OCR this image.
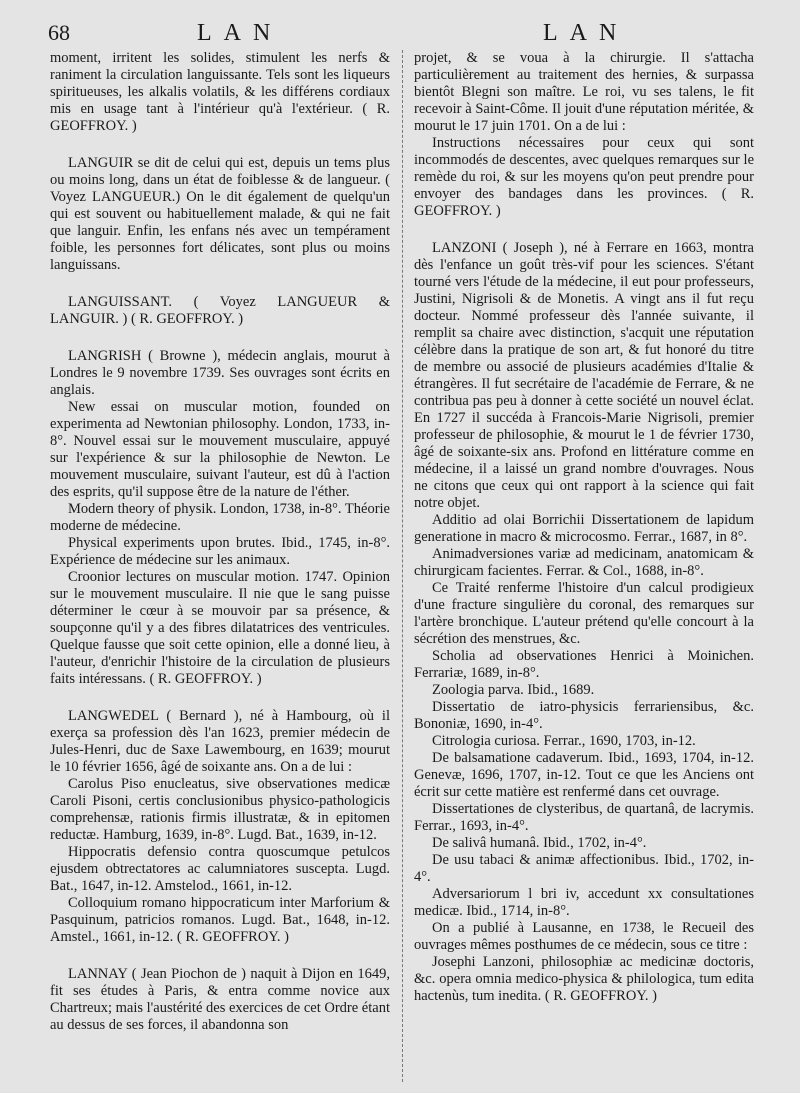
68	LAN	LAN

moment, irritent les solides, stimulent les nerfs & raniment la circulation languissante. Tels sont les liqueurs spiritueuses, les alkalis volatils, & les différens cordiaux mis en usage tant à l'intérieur qu'à l'extérieur. ( R. GEOFFROY. )

LANGUIR se dit de celui qui est, depuis un tems plus ou moins long, dans un état de foiblesse & de langueur. ( Voyez LANGUEUR.) On le dit également de quelqu'un qui est souvent ou habituellement malade, & qui ne fait que languir. Enfin, les enfans nés avec un tempérament foible, les personnes fort délicates, sont plus ou moins languissans.

LANGUISSANT. ( Voyez LANGUEUR & LANGUIR. ) ( R. GEOFFROY. )

LANGRISH ( Browne ), médecin anglais, mourut à Londres le 9 novembre 1739. Ses ouvrages sont écrits en anglais.

New essai on muscular motion, founded on experimenta ad Newtonian philosophy. London, 1733, in-8°. Nouvel essai sur le mouvement musculaire, appuyé sur l'expérience & sur la philosophie de Newton. Le mouvement musculaire, suivant l'auteur, est dû à l'action des esprits, qu'il suppose être de la nature de l'éther.

Modern theory of physik. London, 1738, in-8°. Théorie moderne de médecine.

Physical experiments upon brutes. Ibid., 1745, in-8°. Expérience de médecine sur les animaux.

Croonior lectures on muscular motion. 1747. Opinion sur le mouvement musculaire. Il nie que le sang puisse déterminer le cœur à se mouvoir par sa présence, & soupçonne qu'il y a des fibres dilatatrices des ventricules. Quelque fausse que soit cette opinion, elle a donné lieu, à l'auteur, d'enrichir l'histoire de la circulation de plusieurs faits intéressans. ( R. GEOFFROY. )

LANGWEDEL ( Bernard ), né à Hambourg, où il exerça sa profession dès l'an 1623, premier médecin de Jules-Henri, duc de Saxe Lawembourg, en 1639; mourut le 10 février 1656, âgé de soixante ans. On a de lui :

Carolus Piso enucleatus, sive observationes medicæ Caroli Pisoni, certis conclusionibus physico-pathologicis comprehensæ, rationis firmis illustratæ, & in epitomen reductæ. Hamburg, 1639, in-8°. Lugd. Bat., 1639, in-12.

Hippocratis defensio contra quoscumque petulcos ejusdem obtrectatores ac calumniatores suscepta. Lugd. Bat., 1647, in-12. Amstelod., 1661, in-12.

Colloquium romano hippocraticum inter Marforium & Pasquinum, patricios romanos. Lugd. Bat., 1648, in-12. Amstel., 1661, in-12. ( R. GEOFFROY. )

LANNAY ( Jean Piochon de ) naquit à Dijon en 1649, fit ses études à Paris, & entra comme novice aux Chartreux; mais l'austérité des exercices de cet Ordre étant au dessus de ses forces, il abandonna son

projet, & se voua à la chirurgie. Il s'attacha particulièrement au traitement des hernies, & surpassa bientôt Blegni son maître. Le roi, vu ses talens, le fit recevoir à Saint-Côme. Il jouit d'une réputation méritée, & mourut le 17 juin 1701. On a de lui :

Instructions nécessaires pour ceux qui sont incommodés de descentes, avec quelques remarques sur le remède du roi, & sur les moyens qu'on peut prendre pour envoyer des bandages dans les provinces. ( R. GEOFFROY. )

LANZONI ( Joseph ), né à Ferrare en 1663, montra dès l'enfance un goût très-vif pour les sciences. S'étant tourné vers l'étude de la médecine, il eut pour professeurs, Justini, Nigrisoli & de Monetis. A vingt ans il fut reçu docteur. Nommé professeur dès l'année suivante, il remplit sa chaire avec distinction, s'acquit une réputation célèbre dans la pratique de son art, & fut honoré du titre de membre ou associé de plusieurs académies d'Italie & étrangères. Il fut secrétaire de l'académie de Ferrare, & ne contribua pas peu à donner à cette société un nouvel éclat. En 1727 il succéda à Francois-Marie Nigrisoli, premier professeur de philosophie, & mourut le 1 de février 1730, âgé de soixante-six ans. Profond en littérature comme en médecine, il a laissé un grand nombre d'ouvrages. Nous ne citons que ceux qui ont rapport à la science qui fait notre objet.

Additio ad olai Borrichii Dissertationem de lapidum generatione in macro & microcosmo. Ferrar., 1687, in 8°.

Animadversiones variæ ad medicinam, anatomicam & chirurgicam facientes. Ferrar. & Col., 1688, in-8°.

Ce Traité renferme l'histoire d'un calcul prodigieux d'une fracture singulière du coronal, des remarques sur l'artère bronchique. L'auteur prétend qu'elle concourt à la sécrétion des menstrues, &c.

Scholia ad observationes Henrici à Moinichen. Ferrariæ, 1689, in-8°.

Zoologia parva. Ibid., 1689.

Dissertatio de iatro-physicis ferrariensibus, &c. Bononiæ, 1690, in-4°.

Citrologia curiosa. Ferrar., 1690, 1703, in-12.

De balsamatione cadaverum. Ibid., 1693, 1704, in-12. Genevæ, 1696, 1707, in-12. Tout ce que les Anciens ont écrit sur cette matière est renfermé dans cet ouvrage.

Dissertationes de clysteribus, de quartanâ, de lacrymis. Ferrar., 1693, in-4°.

De salivâ humanâ. Ibid., 1702, in-4°.

De usu tabaci & animæ affectionibus. Ibid., 1702, in-4°.

Adversariorum l bri iv, accedunt xx consultationes medicæ. Ibid., 1714, in-8°.

On a publié à Lausanne, en 1738, le Recueil des ouvrages mêmes posthumes de ce médecin, sous ce titre :

Josephi Lanzoni, philosophiæ ac medicinæ doctoris, &c. opera omnia medico-physica & philologica, tum edita hactenùs, tum inedita. ( R. GEOFFROY. )
